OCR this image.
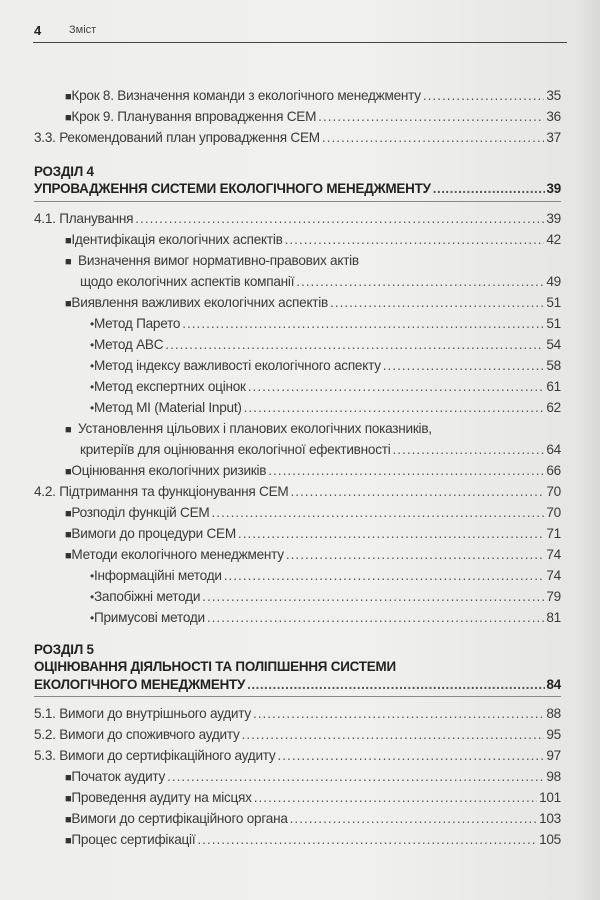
4	Зміст
■ Крок 8. Визначення команди з екологічного менеджменту .....	35
■ Крок 9. Планування впровадження СЕМ .....	36
3.3. Рекомендований план упровадження СЕМ .....	37
РОЗДІЛ 4
УПРОВАДЖЕННЯ СИСТЕМИ ЕКОЛОГІЧНОГО МЕНЕДЖМЕНТУ .....	39
4.1. Планування .....	39
■ Ідентифікація екологічних аспектів .....	42
■ Визначення вимог нормативно-правових актів
щодо екологічних аспектів компанії .....	49
■ Виявлення важливих екологічних аспектів .....	51
• Метод Парето .....	51
• Метод ABC .....	54
• Метод індексу важливості екологічного аспекту .....	58
• Метод експертних оцінок .....	61
• Метод MI (Material Input) .....	62
■ Установлення цільових і планових екологічних показників,
критеріїв для оцінювання екологічної ефективності .....	64
■ Оцінювання екологічних ризиків .....	66
4.2. Підтримання та функціонування СЕМ .....	70
■ Розподіл функцій СЕМ .....	70
■ Вимоги до процедури СЕМ .....	71
■ Методи екологічного менеджменту .....	74
• Інформаційні методи .....	74
• Запобіжні методи .....	79
• Примусові методи .....	81
РОЗДІЛ 5
ОЦІНЮВАННЯ ДІЯЛЬНОСТІ ТА ПОЛІПШЕННЯ СИСТЕМИ
ЕКОЛОГІЧНОГО МЕНЕДЖМЕНТУ .....	84
5.1. Вимоги до внутрішнього аудиту .....	88
5.2. Вимоги до споживчого аудиту .....	95
5.3. Вимоги до сертифікаційного аудиту .....	97
■ Початок аудиту .....	98
■ Проведення аудиту на місцях .....	101
■ Вимоги до сертифікаційного органа .....	103
■ Процес сертифікації .....	105
